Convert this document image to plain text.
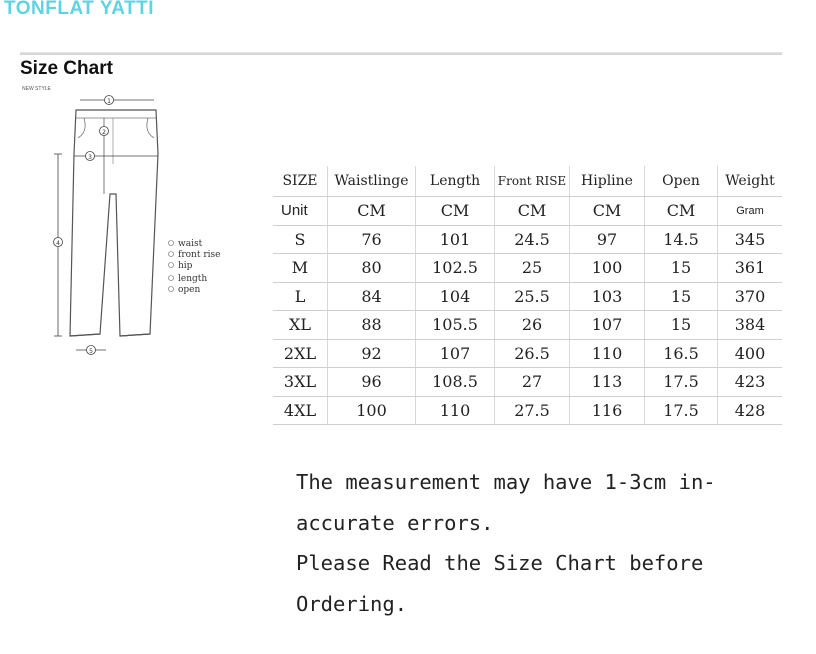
TONFLAT YATTI
Size Chart
NEW STYLE
1
2
3
4
5
waist
front rise
hip
length
open
SIZE	Waistlinge	Length	Front RISE	Hipline	Open	Weight
Unit	CM	CM	CM	CM	CM	Gram
S	76	101	24.5	97	14.5	345
M	80	102.5	25	100	15	361
L	84	104	25.5	103	15	370
XL	88	105.5	26	107	15	384
2XL	92	107	26.5	110	16.5	400
3XL	96	108.5	27	113	17.5	423
4XL	100	110	27.5	116	17.5	428
The measurement may have 1-3cm in-
accurate errors.
Please Read the Size Chart before
Ordering.
